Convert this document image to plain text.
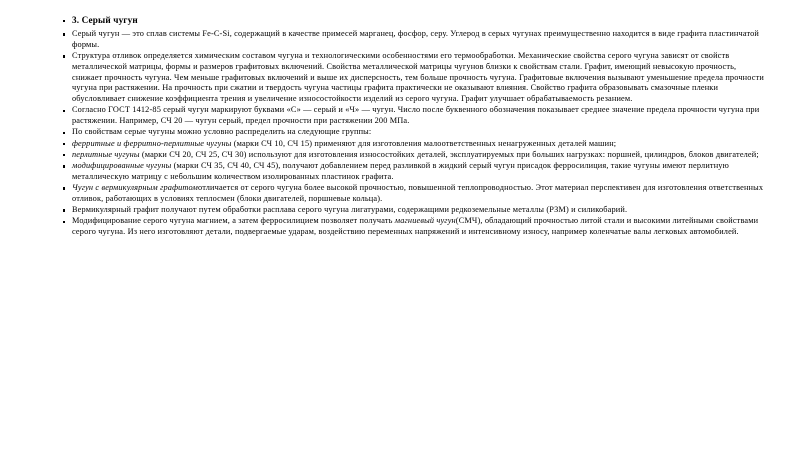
3. Серый чугун
Серый чугун — это сплав системы Fe-C-Si, содержащий в качестве примесей марганец, фосфор, серу. Углерод в серых чугунах преимущественно находится в виде графита пластинчатой формы.
Структура отливок определяется химическим составом чугуна и технологическими особенностями его термообработки. Механические свойства серого чугуна зависят от свойств металлической матрицы, формы и размеров графитовых включений. Свойства металлической матрицы чугунов близки к свойствам стали. Графит, имеющий невысокую прочность, снижает прочность чугуна. Чем меньше графитовых включений и выше их дисперсность, тем больше прочность чугуна. Графитовые включения вызывают уменьшение предела прочности чугуна при растяжении. На прочность при сжатии и твердость чугуна частицы графита практически не оказывают влияния. Свойство графита образовывать смазочные пленки обусловливает снижение коэффициента трения и увеличение износостойкости изделий из серого чугуна. Графит улучшает обрабатываемость резанием.
Согласно ГОСТ 1412-85 серый чугун маркируют буквами «С» — серый и «Ч» — чугун. Число после буквенного обозначения показывает среднее значение предела прочности чугуна при растяжении. Например, СЧ 20 — чугун серый, предел прочности при растяжении 200 МПа.
По свойствам серые чугуны можно условно распределить на следующие группы:
ферритные и ферритно-перлитные чугуны (марки СЧ 10, СЧ 15) применяют для изготовления малоответственных ненагруженных деталей машин;
перлитные чугуны (марки СЧ 20, СЧ 25, СЧ 30) используют для изготовления износостойких деталей, эксплуатируемых при больших нагрузках: поршней, цилиндров, блоков двигателей;
модифицированные чугуны (марки СЧ 35, СЧ 40, СЧ 45), получают добавлением перед разливкой в жидкий серый чугун присадок ферросилиция, такие чугуны имеют перлитную металлическую матрицу с небольшим количеством изолированных пластинок графита.
Чугун с вермикулярным графитомотличается от серого чугуна более высокой прочностью, повышенной теплопроводностью. Этот материал перспективен для изготовления ответственных отливок, работающих в условиях теплосмен (блоки двигателей, поршневые кольца).
Вермикулярный графит получают путем обработки расплава серого чугуна лигатурами, содержащими редкоземельные металлы (РЗМ) и силикобарий.
Модифицирование серого чугуна магнием, а затем ферросилицием позволяет получать магниевый чугун(СМЧ), обладающий прочностью литой стали и высокими литейными свойствами серого чугуна. Из него изготовляют детали, подвергаемые ударам, воздействию переменных напряжений и интенсивному износу, например коленчатые валы легковых автомобилей.
